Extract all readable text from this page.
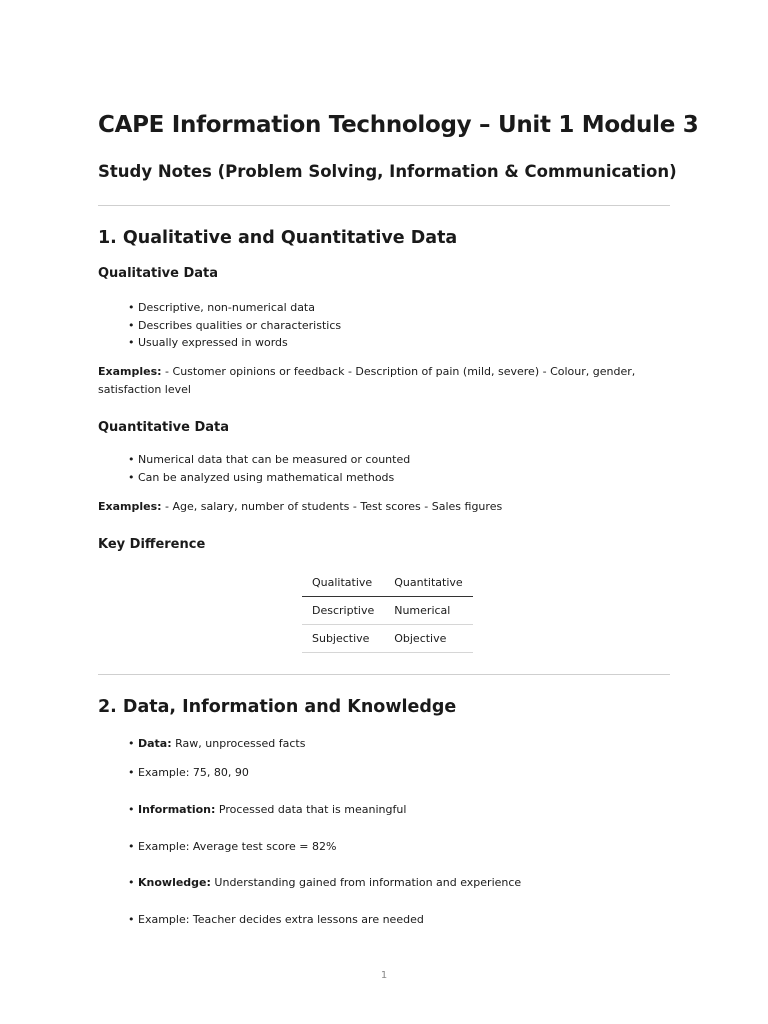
CAPE Information Technology – Unit 1 Module 3
Study Notes (Problem Solving, Information & Communication)
1. Qualitative and Quantitative Data
Qualitative Data
• Descriptive, non-numerical data
• Describes qualities or characteristics
• Usually expressed in words

Examples: - Customer opinions or feedback - Description of pain (mild, severe) - Colour, gender, satisfaction level

Quantitative Data
• Numerical data that can be measured or counted
• Can be analyzed using mathematical methods

Examples: - Age, salary, number of students - Test scores - Sales figures

Key Difference
Qualitative	Quantitative
Descriptive	Numerical
Subjective	Objective
2. Data, Information and Knowledge

• Data: Raw, unprocessed facts

• Example: 75, 80, 90

• Information: Processed data that is meaningful

• Example: Average test score = 82%

• Knowledge: Understanding gained from information and experience

• Example: Teacher decides extra lessons are needed

1
